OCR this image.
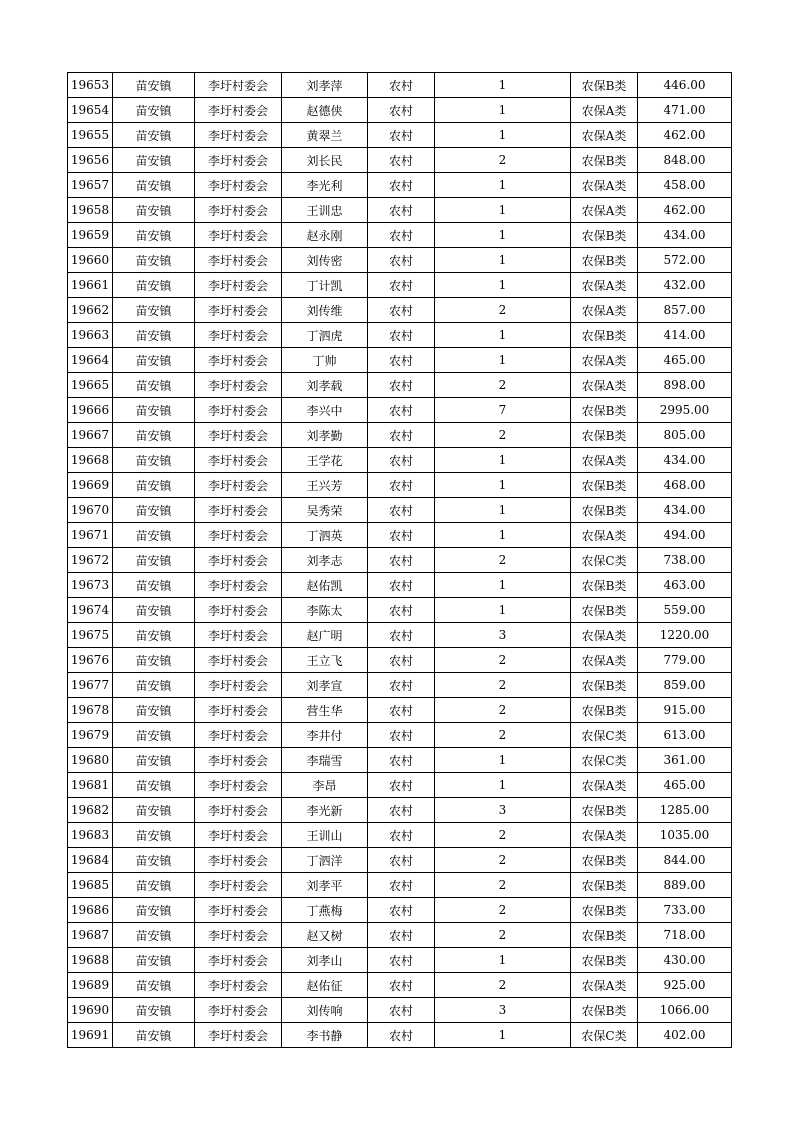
19653	苗安镇	李圩村委会	刘孝萍	农村	1	农保B类	446.00
19654	苗安镇	李圩村委会	赵德侠	农村	1	农保A类	471.00
19655	苗安镇	李圩村委会	黄翠兰	农村	1	农保A类	462.00
19656	苗安镇	李圩村委会	刘长民	农村	2	农保B类	848.00
19657	苗安镇	李圩村委会	李光利	农村	1	农保A类	458.00
19658	苗安镇	李圩村委会	王训忠	农村	1	农保A类	462.00
19659	苗安镇	李圩村委会	赵永刚	农村	1	农保B类	434.00
19660	苗安镇	李圩村委会	刘传密	农村	1	农保B类	572.00
19661	苗安镇	李圩村委会	丁计凯	农村	1	农保A类	432.00
19662	苗安镇	李圩村委会	刘传维	农村	2	农保A类	857.00
19663	苗安镇	李圩村委会	丁泗虎	农村	1	农保B类	414.00
19664	苗安镇	李圩村委会	丁帅	农村	1	农保A类	465.00
19665	苗安镇	李圩村委会	刘孝载	农村	2	农保A类	898.00
19666	苗安镇	李圩村委会	李兴中	农村	7	农保B类	2995.00
19667	苗安镇	李圩村委会	刘孝勤	农村	2	农保B类	805.00
19668	苗安镇	李圩村委会	王学花	农村	1	农保A类	434.00
19669	苗安镇	李圩村委会	王兴芳	农村	1	农保B类	468.00
19670	苗安镇	李圩村委会	吴秀荣	农村	1	农保B类	434.00
19671	苗安镇	李圩村委会	丁泗英	农村	1	农保A类	494.00
19672	苗安镇	李圩村委会	刘孝志	农村	2	农保C类	738.00
19673	苗安镇	李圩村委会	赵佑凯	农村	1	农保B类	463.00
19674	苗安镇	李圩村委会	李陈太	农村	1	农保B类	559.00
19675	苗安镇	李圩村委会	赵广明	农村	3	农保A类	1220.00
19676	苗安镇	李圩村委会	王立飞	农村	2	农保A类	779.00
19677	苗安镇	李圩村委会	刘孝宣	农村	2	农保B类	859.00
19678	苗安镇	李圩村委会	营生华	农村	2	农保B类	915.00
19679	苗安镇	李圩村委会	李井付	农村	2	农保C类	613.00
19680	苗安镇	李圩村委会	李瑞雪	农村	1	农保C类	361.00
19681	苗安镇	李圩村委会	李昂	农村	1	农保A类	465.00
19682	苗安镇	李圩村委会	李光新	农村	3	农保B类	1285.00
19683	苗安镇	李圩村委会	王训山	农村	2	农保A类	1035.00
19684	苗安镇	李圩村委会	丁泗洋	农村	2	农保B类	844.00
19685	苗安镇	李圩村委会	刘孝平	农村	2	农保B类	889.00
19686	苗安镇	李圩村委会	丁燕梅	农村	2	农保B类	733.00
19687	苗安镇	李圩村委会	赵又树	农村	2	农保B类	718.00
19688	苗安镇	李圩村委会	刘孝山	农村	1	农保B类	430.00
19689	苗安镇	李圩村委会	赵佑征	农村	2	农保A类	925.00
19690	苗安镇	李圩村委会	刘传响	农村	3	农保B类	1066.00
19691	苗安镇	李圩村委会	李书静	农村	1	农保C类	402.00
